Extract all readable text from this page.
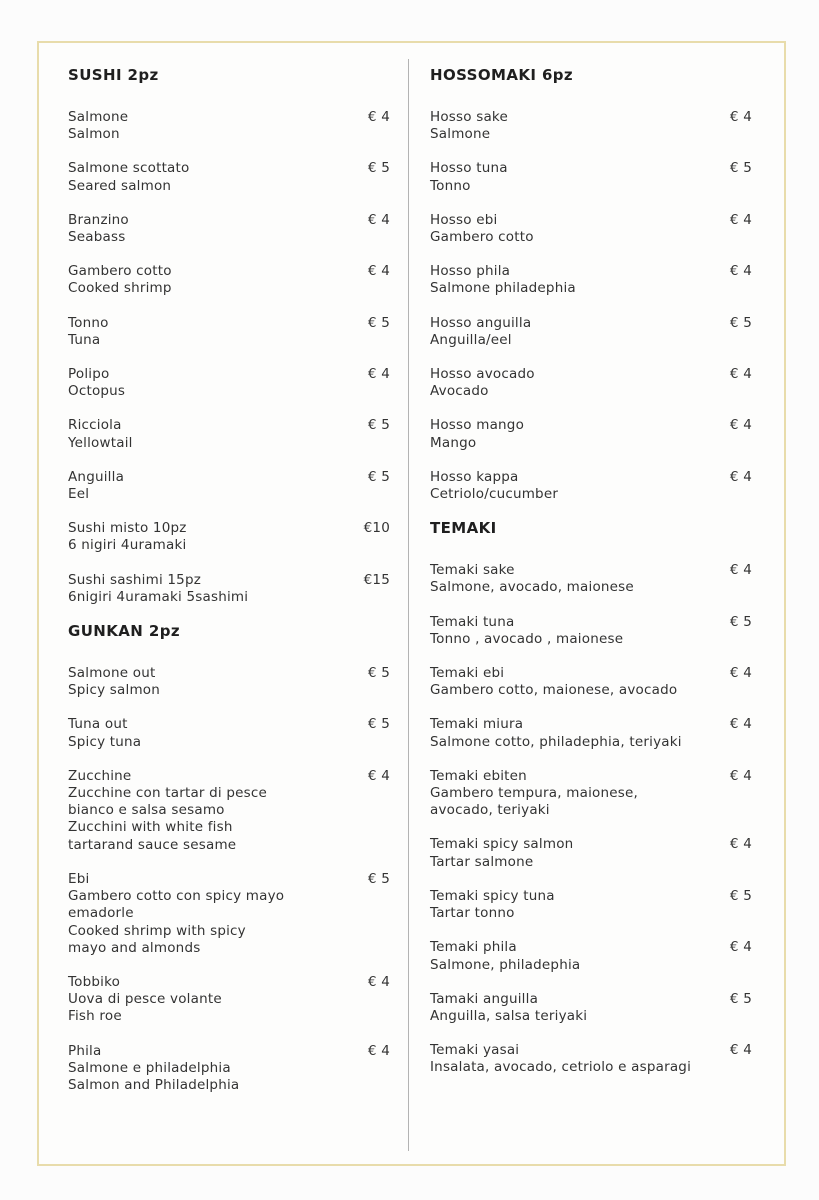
SUSHI 2pz
Salmone
Salmon
€ 4
Salmone scottato
Seared salmon
€ 5
Branzino
Seabass
€ 4
Gambero cotto
Cooked shrimp
€ 4
Tonno
Tuna
€ 5
Polipo
Octopus
€ 4
Ricciola
Yellowtail
€ 5
Anguilla
Eel
€ 5
Sushi misto 10pz
6 nigiri 4uramaki
€10
Sushi sashimi 15pz
6nigiri 4uramaki 5sashimi
€15
GUNKAN 2pz
Salmone out
Spicy salmon
€ 5
Tuna out
Spicy tuna
€ 5
Zucchine
Zucchine con tartar di pesce
bianco e salsa sesamo
Zucchini with white fish
tartarand sauce sesame
€ 4
Ebi
Gambero cotto con spicy mayo
emadorle
Cooked shrimp with spicy
mayo and almonds
€ 5
Tobbiko
Uova di pesce volante
Fish roe
€ 4
Phila
Salmone e philadelphia
Salmon and Philadelphia
€ 4
HOSSOMAKI 6pz
Hosso sake
Salmone
€ 4
Hosso tuna
Tonno
€ 5
Hosso ebi
Gambero cotto
€ 4
Hosso phila
Salmone philadephia
€ 4
Hosso anguilla
Anguilla/eel
€ 5
Hosso avocado
Avocado
€ 4
Hosso mango
Mango
€ 4
Hosso kappa
Cetriolo/cucumber
€ 4
TEMAKI
Temaki sake
Salmone, avocado, maionese
€ 4
Temaki tuna
Tonno , avocado , maionese
€ 5
Temaki ebi
Gambero cotto, maionese, avocado
€ 4
Temaki miura
Salmone cotto, philadephia, teriyaki
€ 4
Temaki ebiten
Gambero tempura, maionese,
avocado, teriyaki
€ 4
Temaki spicy salmon
Tartar salmone
€ 4
Temaki spicy tuna
Tartar tonno
€ 5
Temaki phila
Salmone, philadephia
€ 4
Tamaki anguilla
Anguilla, salsa teriyaki
€ 5
Temaki yasai
Insalata, avocado, cetriolo e asparagi
€ 4
